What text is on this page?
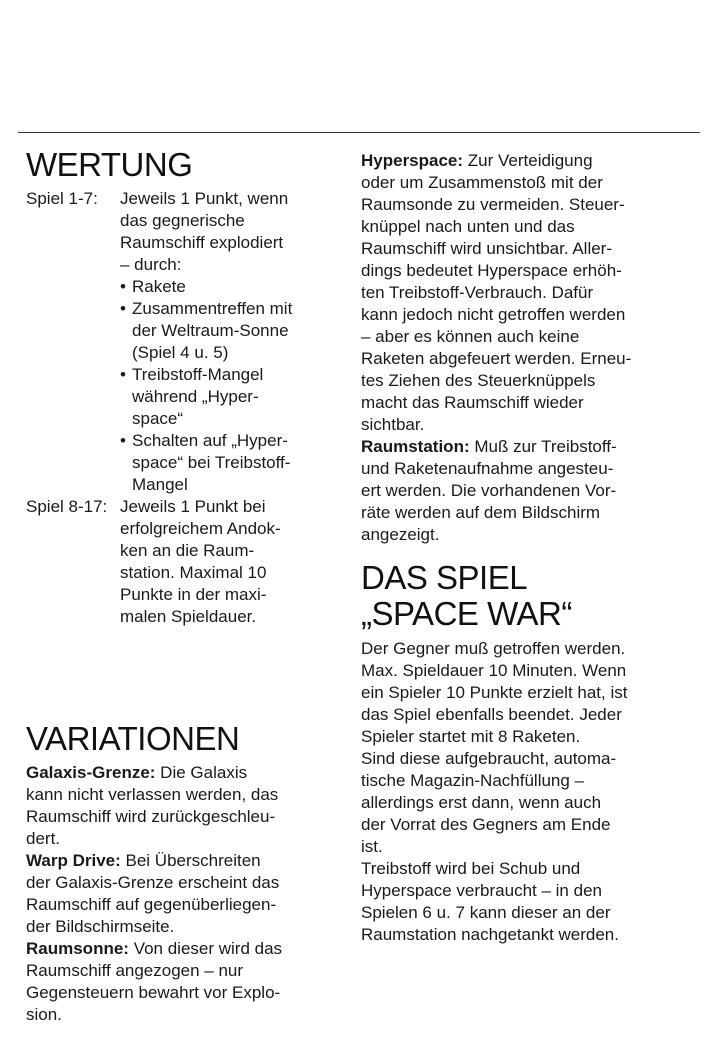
WERTUNG
Spiel 1-7:	Jeweils 1 Punkt, wenn
das gegnerische
Raumschiff explodiert
– durch:
• Rakete
• Zusammentreffen mit
der Weltraum-Sonne
(Spiel 4 u. 5)
• Treibstoff-Mangel
während „Hyper-
space“
• Schalten auf „Hyper-
space“ bei Treibstoff-
Mangel
Spiel 8-17: Jeweils 1 Punkt bei
erfolgreichem Andok-
ken an die Raum-
station. Maximal 10
Punkte in der maxi-
malen Spieldauer.
VARIATIONEN

Galaxis-Grenze: Die Galaxis
kann nicht verlassen werden, das
Raumschiff wird zurückgeschleu-
dert.

Warp Drive: Bei Überschreiten
der Galaxis-Grenze erscheint das
Raumschiff auf gegenüberliegen-
der Bildschirmseite.

Raumsonne: Von dieser wird das
Raumschiff angezogen – nur
Gegensteuern bewahrt vor Explo-
sion.

Hyperspace: Zur Verteidigung
oder um Zusammenstoß mit der
Raumsonde zu vermeiden. Steuer-
knüppel nach unten und das
Raumschiff wird unsichtbar. Aller-
dings bedeutet Hyperspace erhöh-
ten Treibstoff-Verbrauch. Dafür
kann jedoch nicht getroffen werden
– aber es können auch keine
Raketen abgefeuert werden. Erneu-
tes Ziehen des Steuerknüppels
macht das Raumschiff wieder
sichtbar.

Raumstation: Muß zur Treibstoff-
und Raketenaufnahme angesteu-
ert werden. Die vorhandenen Vor-
räte werden auf dem Bildschirm
angezeigt.

DAS SPIEL
„SPACE WAR“

Der Gegner muß getroffen werden.
Max. Spieldauer 10 Minuten. Wenn
ein Spieler 10 Punkte erzielt hat, ist
das Spiel ebenfalls beendet. Jeder
Spieler startet mit 8 Raketen.
Sind diese aufgebraucht, automa-
tische Magazin-Nachfüllung –
allerdings erst dann, wenn auch
der Vorrat des Gegners am Ende
ist.
Treibstoff wird bei Schub und
Hyperspace verbraucht – in den
Spielen 6 u. 7 kann dieser an der
Raumstation nachgetankt werden.
